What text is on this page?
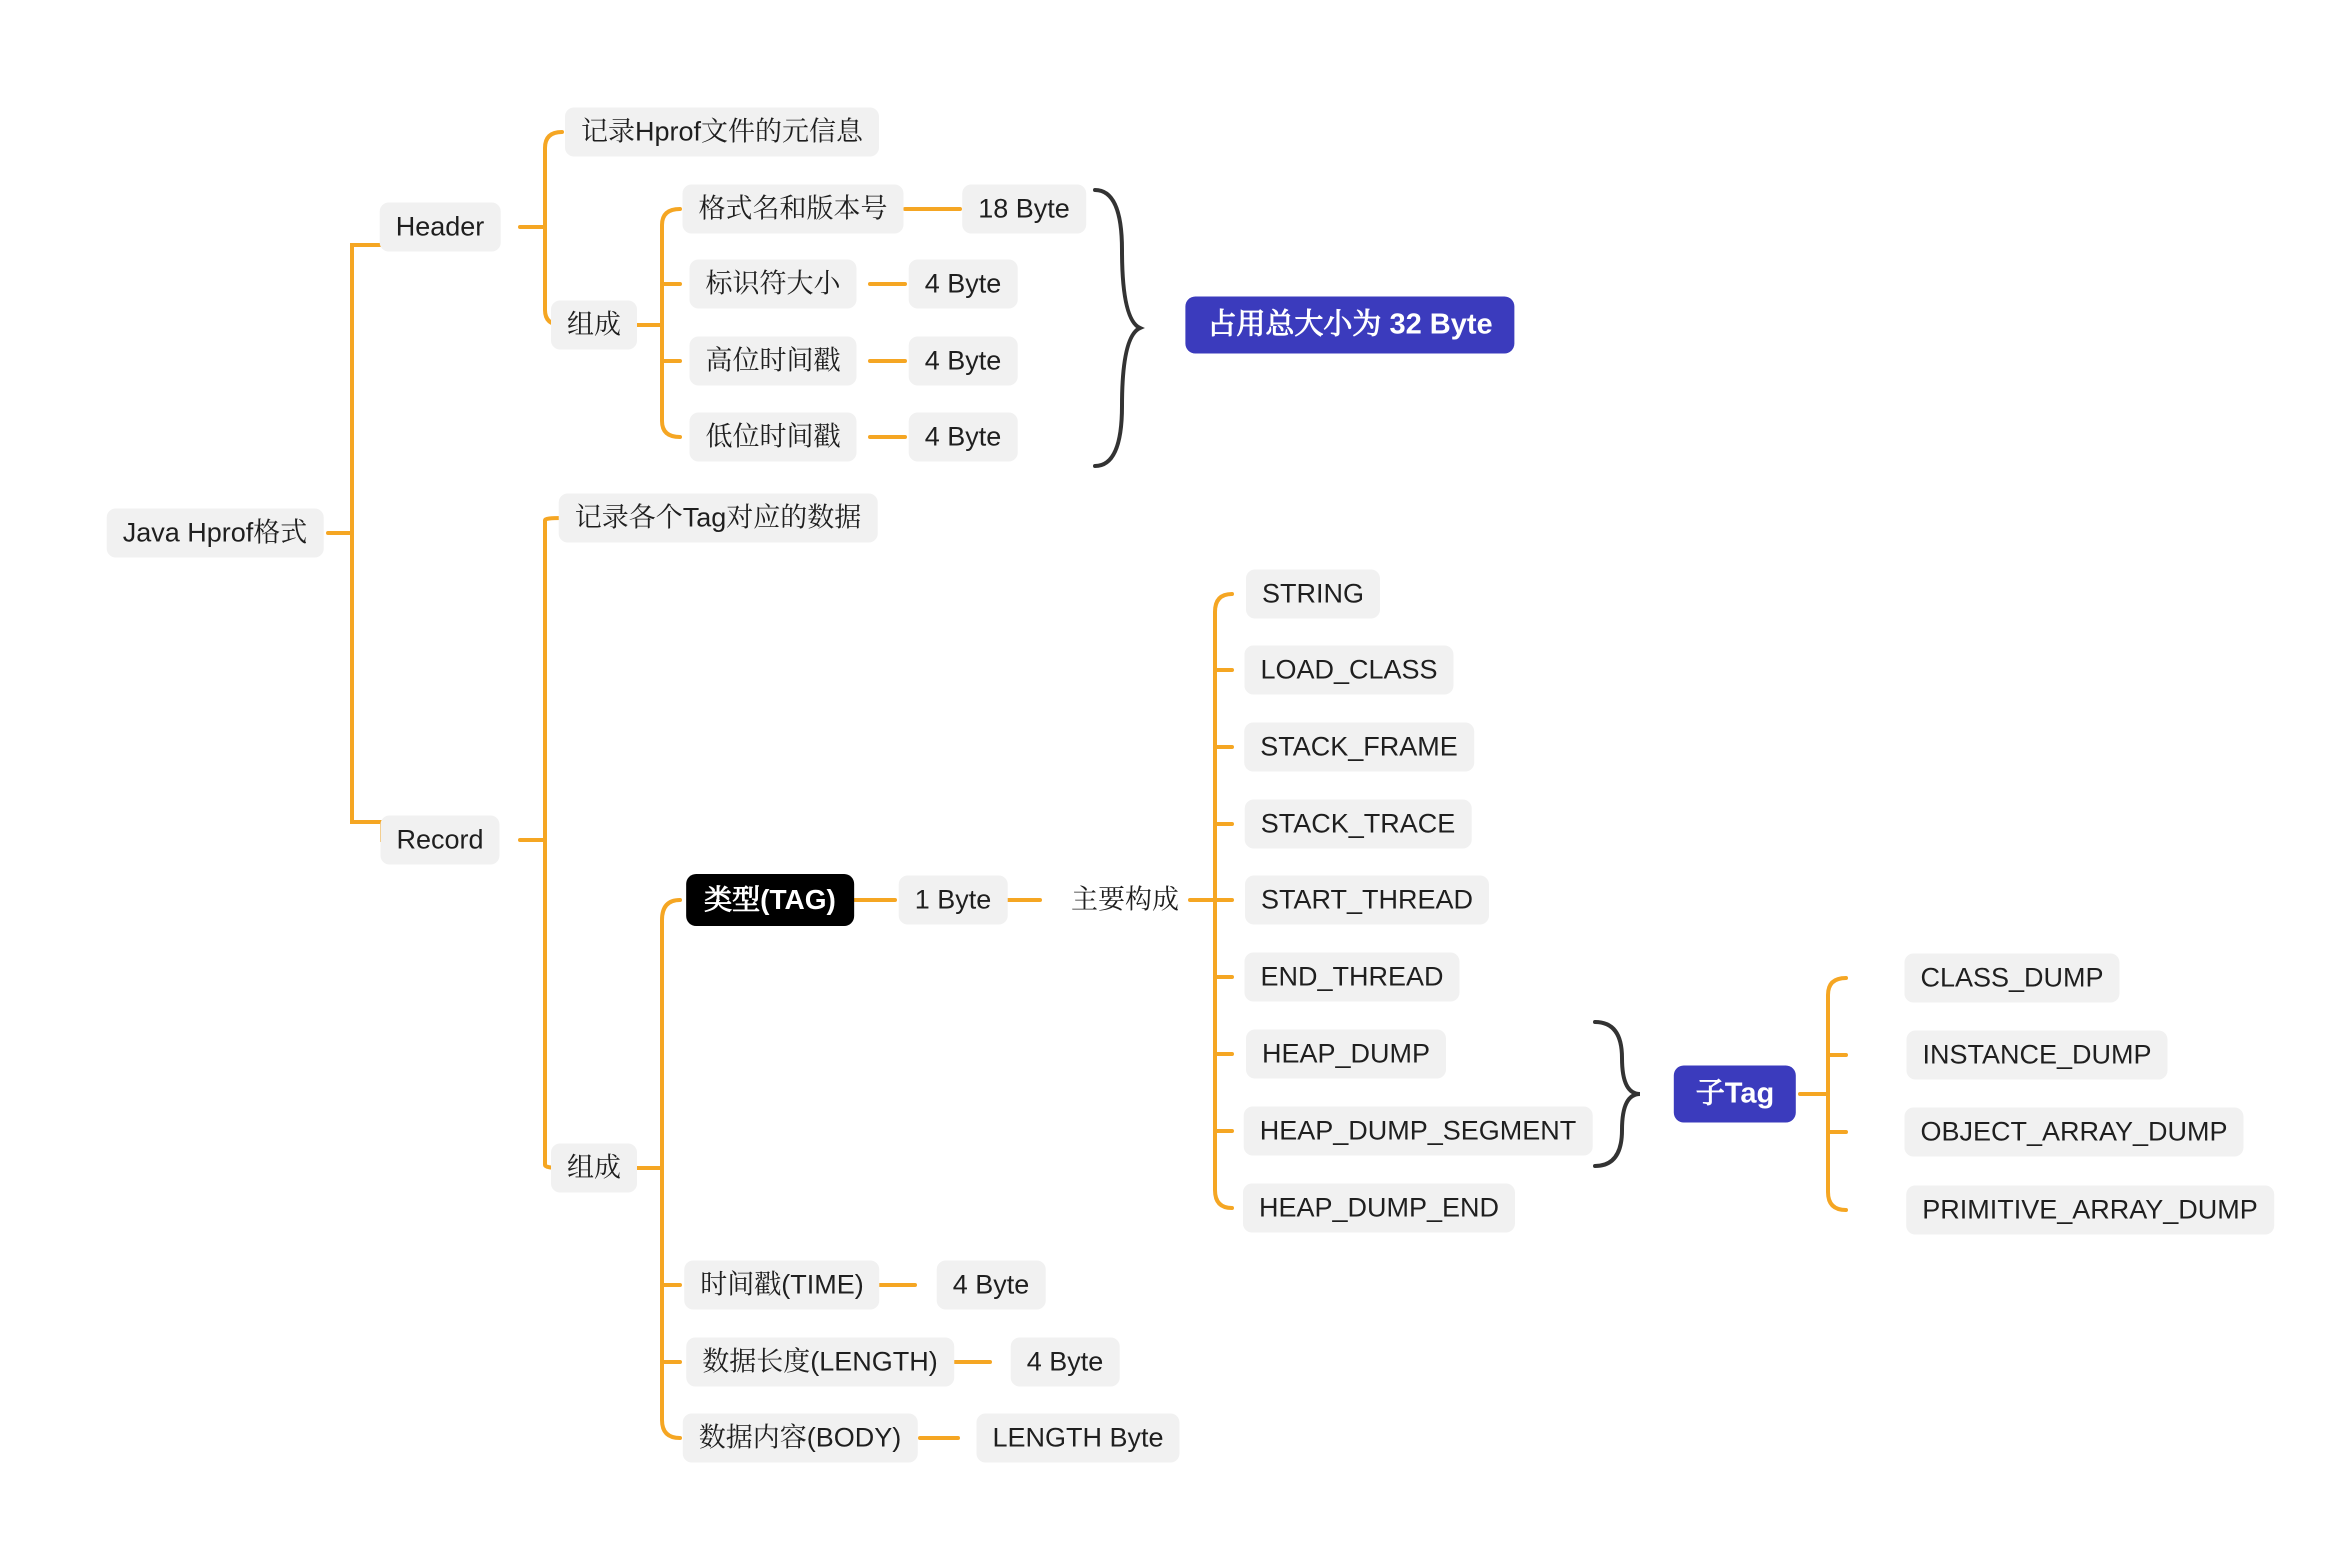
Java Hprof格式
Header
记录Hprof文件的元信息
组成
格式名和版本号
标识符大小
高位时间戳
低位时间戳
18 Byte
4 Byte
4 Byte
4 Byte
占用总大小为 32 Byte
Record
记录各个Tag对应的数据
组成
类型(TAG)	1 Byte	主要构成
STRING
LOAD_CLASS
STACK_FRAME
STACK_TRACE
START_THREAD
END_THREAD
HEAP_DUMP
HEAP_DUMP_SEGMENT
HEAP_DUMP_END
子Tag
CLASS_DUMP
INSTANCE_DUMP
OBJECT_ARRAY_DUMP
PRIMITIVE_ARRAY_DUMP
时间戳(TIME)
数据长度(LENGTH)
数据内容(BODY)
4 Byte
4 Byte
LENGTH Byte
